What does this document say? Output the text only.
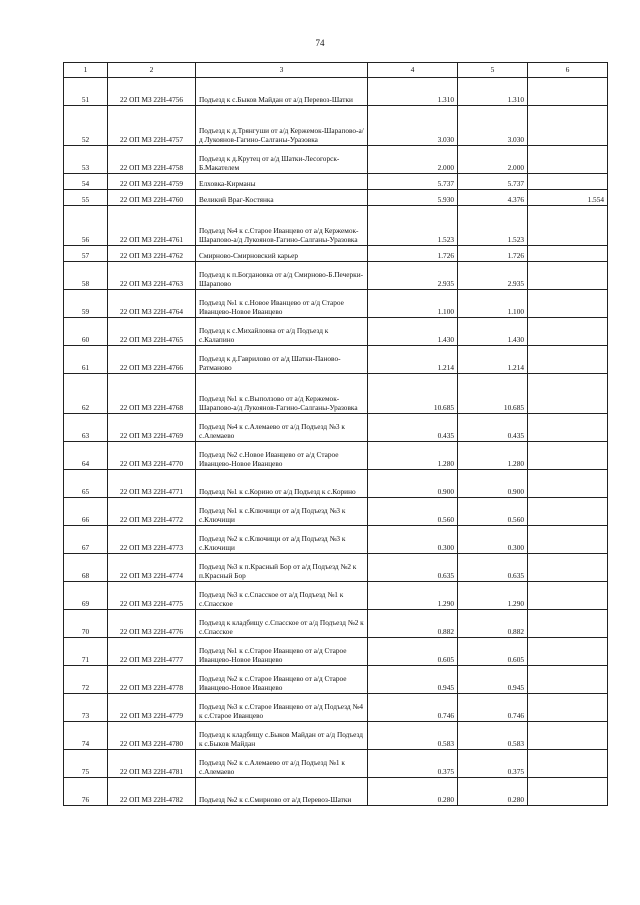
74
1	2	3	4	5	6
51	22 ОП МЗ 22Н-4756	Подъезд к с.Быков Майдан от а/д Перевоз-Шатки	1.310	1.310	
52	22 ОП МЗ 22Н-4757	Подъезд к д.Трянгуши от а/д Кержемок-Шарапово-а/д Лукоянов-Гагино-Салганы-Уразовка	3.030	3.030	
53	22 ОП МЗ 22Н-4758	Подъезд к д.Крутец от а/д Шатки-Лесогорск-Б.Макателем	2.000	2.000	
54	22 ОП МЗ 22Н-4759	Елховка-Кирманы	5.737	5.737	
55	22 ОП МЗ 22Н-4760	Великий Враг-Костянка	5.930	4.376	1.554
56	22 ОП МЗ 22Н-4761	Подъезд №4 к с.Старое Иванцево от а/д Кержемок-Шарапово-а/д Лукоянов-Гагино-Салганы-Уразовка	1.523	1.523	
57	22 ОП МЗ 22Н-4762	Смирново-Смирновский карьер	1.726	1.726	
58	22 ОП МЗ 22Н-4763	Подъезд к п.Богдановка от а/д Смирново-Б.Печерки-Шарапово	2.935	2.935	
59	22 ОП МЗ 22Н-4764	Подъезд №1 к с.Новое Иванцево от а/д Старое Иванцево-Новое Иванцево	1.100	1.100	
60	22 ОП МЗ 22Н-4765	Подъезд к с.Михайловка от а/д Подъезд к с.Калапино	1.430	1.430	
61	22 ОП МЗ 22Н-4766	Подъезд к д.Гаврилово от а/д Шатки-Паново-Ратманово	1.214	1.214	
62	22 ОП МЗ 22Н-4768	Подъезд №1 к с.Выползово от а/д Кержемок-Шарапово-а/д Лукоянов-Гагино-Салганы-Уразовка	10.685	10.685	
63	22 ОП МЗ 22Н-4769	Подъезд №4 к с.Алемаево от а/д Подъезд №3 к с.Алемаево	0.435	0.435	
64	22 ОП МЗ 22Н-4770	Подъезд №2 с.Новое Иванцево от а/д Старое Иванцево-Новое Иванцево	1.280	1.280	
65	22 ОП МЗ 22Н-4771	Подъезд №1 к с.Корино от а/д Подъезд к с.Корино	0.900	0.900	
66	22 ОП МЗ 22Н-4772	Подъезд №1 к с.Ключищи от а/д Подъезд №3 к с.Ключищи	0.560	0.560	
67	22 ОП МЗ 22Н-4773	Подъезд №2 к с.Ключищи от а/д Подъезд №3 к с.Ключищи	0.300	0.300	
68	22 ОП МЗ 22Н-4774	Подъезд №3 к п.Красный Бор от а/д Подъезд №2 к п.Красный Бор	0.635	0.635	
69	22 ОП МЗ 22Н-4775	Подъезд №3 к с.Спасское от а/д Подъезд №1 к с.Спасское	1.290	1.290	
70	22 ОП МЗ 22Н-4776	Подъезд к кладбищу с.Спасское от а/д Подъезд №2 к с.Спасское	0.882	0.882	
71	22 ОП МЗ 22Н-4777	Подъезд №1 к с.Старое Иванцево от а/д Старое Иванцево-Новое Иванцево	0.605	0.605	
72	22 ОП МЗ 22Н-4778	Подъезд №2 к с.Старое Иванцево от а/д Старое Иванцево-Новое Иванцево	0.945	0.945	
73	22 ОП МЗ 22Н-4779	Подъезд №3 к с.Старое Иванцево от а/д Подъезд №4 к с.Старое Иванцево	0.746	0.746	
74	22 ОП МЗ 22Н-4780	Подъезд к кладбищу с.Быков Майдан от а/д Подъезд к с.Быков Майдан	0.583	0.583	
75	22 ОП МЗ 22Н-4781	Подъезд №2 к с.Алемаево от а/д Подъезд №1 к с.Алемаево	0.375	0.375	
76	22 ОП МЗ 22Н-4782	Подъезд №2 к с.Смирново от а/д Перевоз-Шатки	0.280	0.280	
